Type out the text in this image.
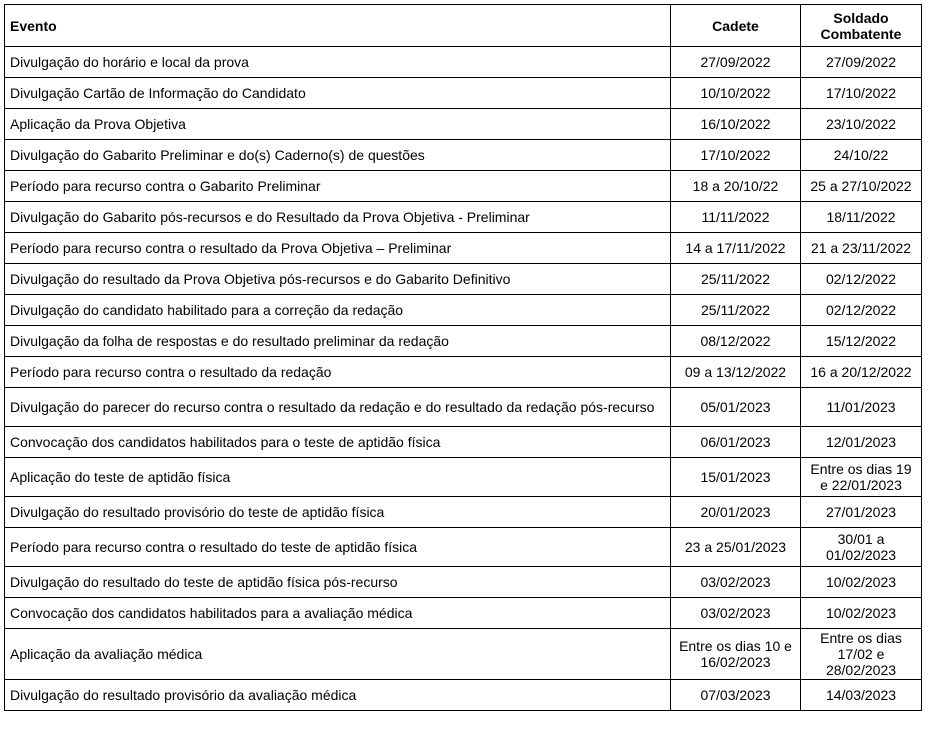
Evento	Cadete	Soldado Combatente
Divulgação do horário e local da prova	27/09/2022	27/09/2022
Divulgação Cartão de Informação do Candidato	10/10/2022	17/10/2022
Aplicação da Prova Objetiva	16/10/2022	23/10/2022
Divulgação do Gabarito Preliminar e do(s) Caderno(s) de questões	17/10/2022	24/10/22
Período para recurso contra o Gabarito Preliminar	18 a 20/10/22	25 a 27/10/2022
Divulgação do Gabarito pós-recursos e do Resultado da Prova Objetiva - Preliminar	11/11/2022	18/11/2022
Período para recurso contra o resultado da Prova Objetiva – Preliminar	14 a 17/11/2022	21 a 23/11/2022
Divulgação do resultado da Prova Objetiva pós-recursos e do Gabarito Definitivo	25/11/2022	02/12/2022
Divulgação do candidato habilitado para a correção da redação	25/11/2022	02/12/2022
Divulgação da folha de respostas e do resultado preliminar da redação	08/12/2022	15/12/2022
Período para recurso contra o resultado da redação	09 a 13/12/2022	16 a 20/12/2022
Divulgação do parecer do recurso contra o resultado da redação e do resultado da redação pós-recurso	05/01/2023	11/01/2023
Convocação dos candidatos habilitados para o teste de aptidão física	06/01/2023	12/01/2023
Aplicação do teste de aptidão física	15/01/2023	Entre os dias 19 e 22/01/2023
Divulgação do resultado provisório do teste de aptidão física	20/01/2023	27/01/2023
Período para recurso contra o resultado do teste de aptidão física	23 a 25/01/2023	30/01 a 01/02/2023
Divulgação do resultado do teste de aptidão física pós-recurso	03/02/2023	10/02/2023
Convocação dos candidatos habilitados para a avaliação médica	03/02/2023	10/02/2023
Aplicação da avaliação médica	Entre os dias 10 e 16/02/2023	Entre os dias 17/02 e 28/02/2023
Divulgação do resultado provisório da avaliação médica	07/03/2023	14/03/2023
